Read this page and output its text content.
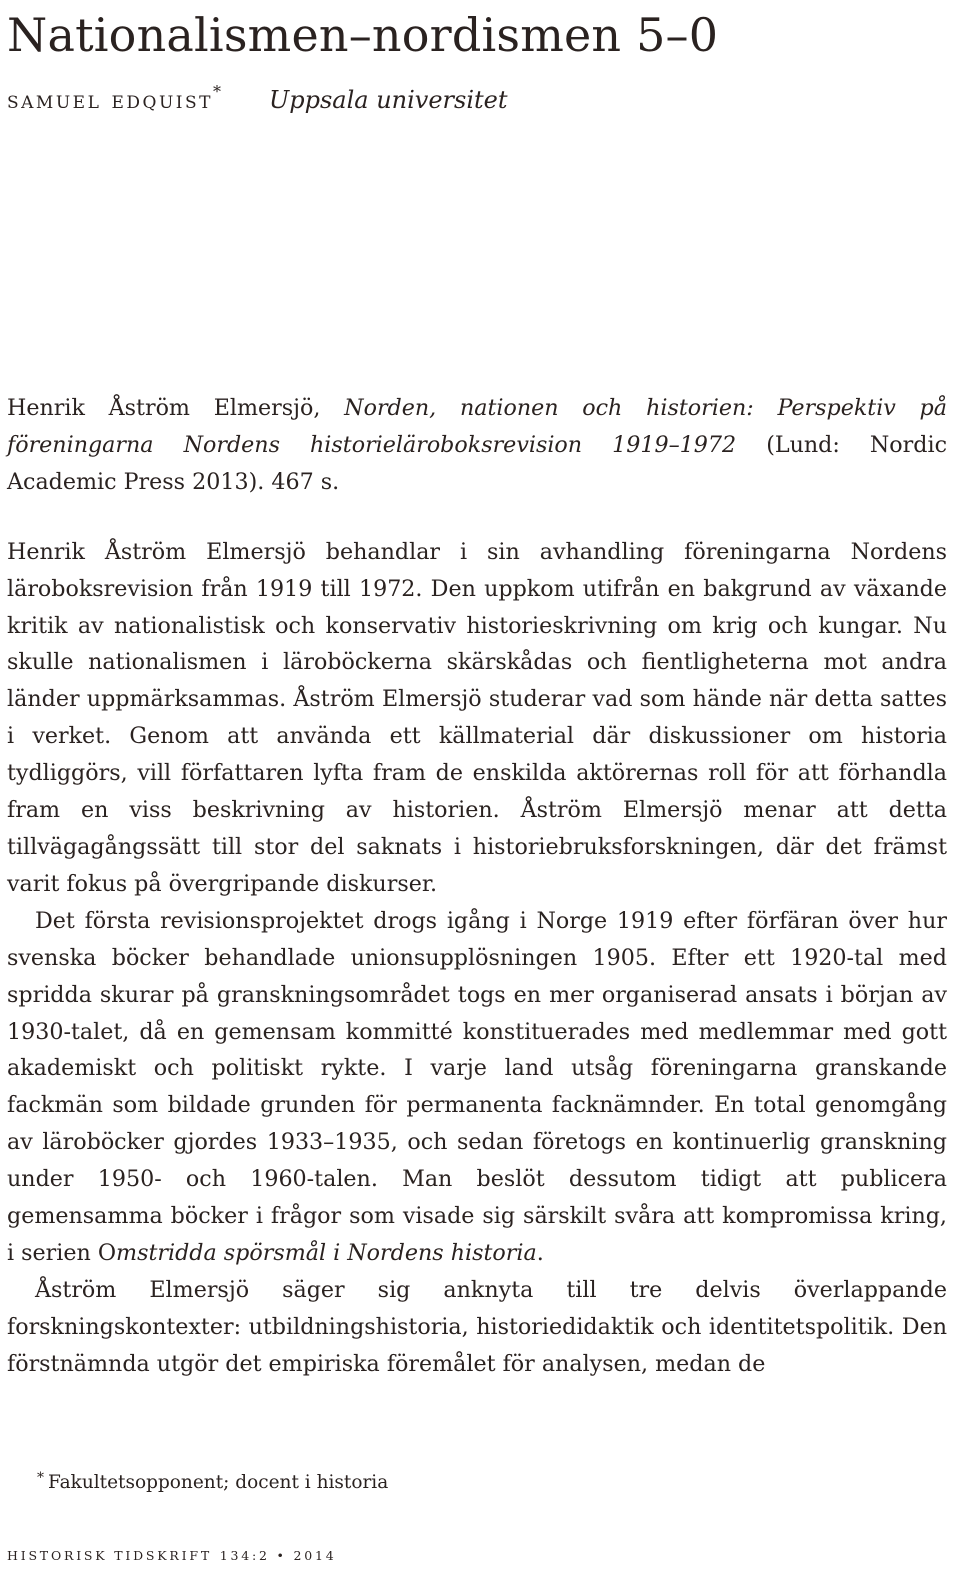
Nationalismen–nordismen 5–0
samuel edquist* Uppsala universitet

Henrik Åström Elmersjö, Norden, nationen och historien: Perspektiv på föreningarna Nordens historieläroboksrevision 1919–1972 (Lund: Nordic Academic Press 2013). 467 s.

Henrik Åström Elmersjö behandlar i sin avhandling föreningarna Nordens läroboksrevision från 1919 till 1972. Den uppkom utifrån en bakgrund av växande kritik av nationalistisk och konservativ historieskrivning om krig och kungar. Nu skulle nationalismen i läroböckerna skärskådas och fientligheterna mot andra länder uppmärksammas. Åström Elmersjö studerar vad som hände när detta sattes i verket. Genom att använda ett källmaterial där diskussioner om historia tydliggörs, vill författaren lyfta fram de enskilda aktörernas roll för att förhandla fram en viss beskrivning av historien. Åström Elmersjö menar att detta tillvägagångssätt till stor del saknats i historiebruksforskningen, där det främst varit fokus på övergripande diskurser.

Det första revisionsprojektet drogs igång i Norge 1919 efter förfäran över hur svenska böcker behandlade unionsupplösningen 1905. Efter ett 1920-tal med spridda skurar på granskningsområdet togs en mer organiserad ansats i början av 1930-talet, då en gemensam kommitté konstituerades med medlemmar med gott akademiskt och politiskt rykte. I varje land utsåg föreningarna granskande fackmän som bildade grunden för permanenta facknämnder. En total genomgång av läroböcker gjordes 1933–1935, och sedan företogs en kontinuerlig granskning under 1950- och 1960-talen. Man beslöt dessutom tidigt att publicera gemensamma böcker i frågor som visade sig särskilt svåra att kompromissa kring, i serien Omstridda spörsmål i Nordens historia.

Åström Elmersjö säger sig anknyta till tre delvis överlappande forskningskontexter: utbildningshistoria, historiedidaktik och identitetspolitik. Den förstnämnda utgör det empiriska föremålet för analysen, medan de

* Fakultetsopponent; docent i historia
HISTORISK TIDSKRIFT 134:2 • 2014
